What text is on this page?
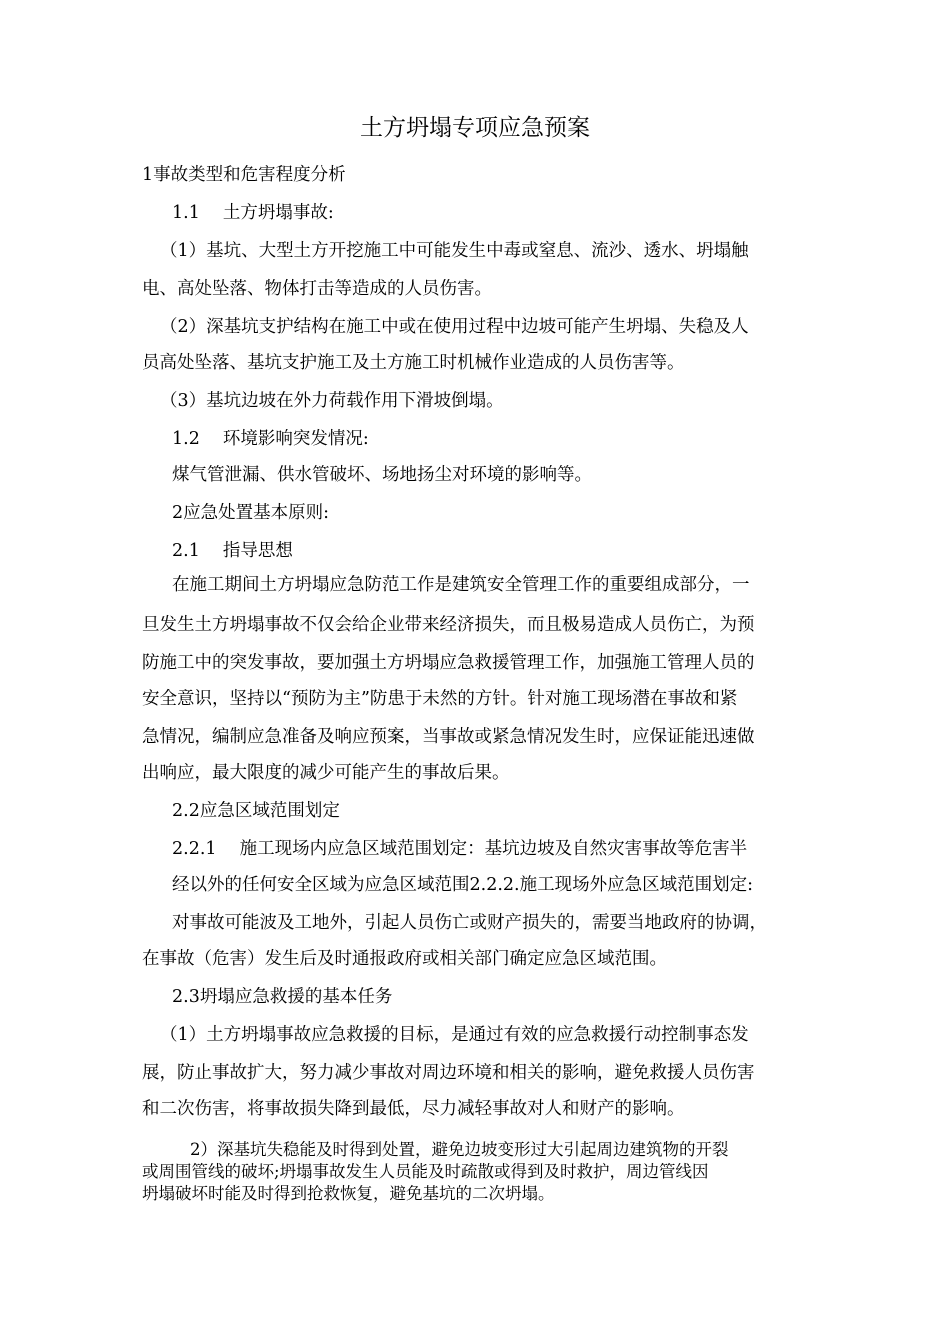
土方坍塌专项应急预案
1事故类型和危害程度分析
1.1　 土方坍塌事故:
（1）基坑、大型土方开挖施工中可能发生中毒或窒息、流沙、透水、坍塌触
电、高处坠落、物体打击等造成的人员伤害。
（2）深基坑支护结构在施工中或在使用过程中边坡可能产生坍塌、失稳及人
员高处坠落、基坑支护施工及土方施工时机械作业造成的人员伤害等。
（3）基坑边坡在外力荷载作用下滑坡倒塌。
1.2　 环境影响突发情况:
煤气管泄漏、供水管破坏、场地扬尘对环境的影响等。
2应急处置基本原则:
2.1　 指导思想
在施工期间土方坍塌应急防范工作是建筑安全管理工作的重要组成部分，一
旦发生土方坍塌事故不仅会给企业带来经济损失，而且极易造成人员伤亡，为预
防施工中的突发事故，要加强土方坍塌应急救援管理工作，加强施工管理人员的
安全意识，坚持以“预防为主”防患于未然的方针。针对施工现场潜在事故和紧
急情况，编制应急准备及响应预案，当事故或紧急情况发生时，应保证能迅速做
出响应，最大限度的减少可能产生的事故后果。
2.2应急区域范围划定
2.2.1　 施工现场内应急区域范围划定：基坑边坡及自然灾害事故等危害半
经以外的任何安全区域为应急区域范围2.2.2.施工现场外应急区域范围划定:
对事故可能波及工地外，引起人员伤亡或财产损失的，需要当地政府的协调，
在事故（危害）发生后及时通报政府或相关部门确定应急区域范围。
2.3坍塌应急救援的基本任务
（1）土方坍塌事故应急救援的目标，是通过有效的应急救援行动控制事态发
展，防止事故扩大，努力减少事故对周边环境和相关的影响，避免救援人员伤害
和二次伤害，将事故损失降到最低，尽力减轻事故对人和财产的影响。
2）深基坑失稳能及时得到处置，避免边坡变形过大引起周边建筑物的开裂
或周围管线的破坏;坍塌事故发生人员能及时疏散或得到及时救护，周边管线因
坍塌破坏时能及时得到抢救恢复，避免基坑的二次坍塌。
